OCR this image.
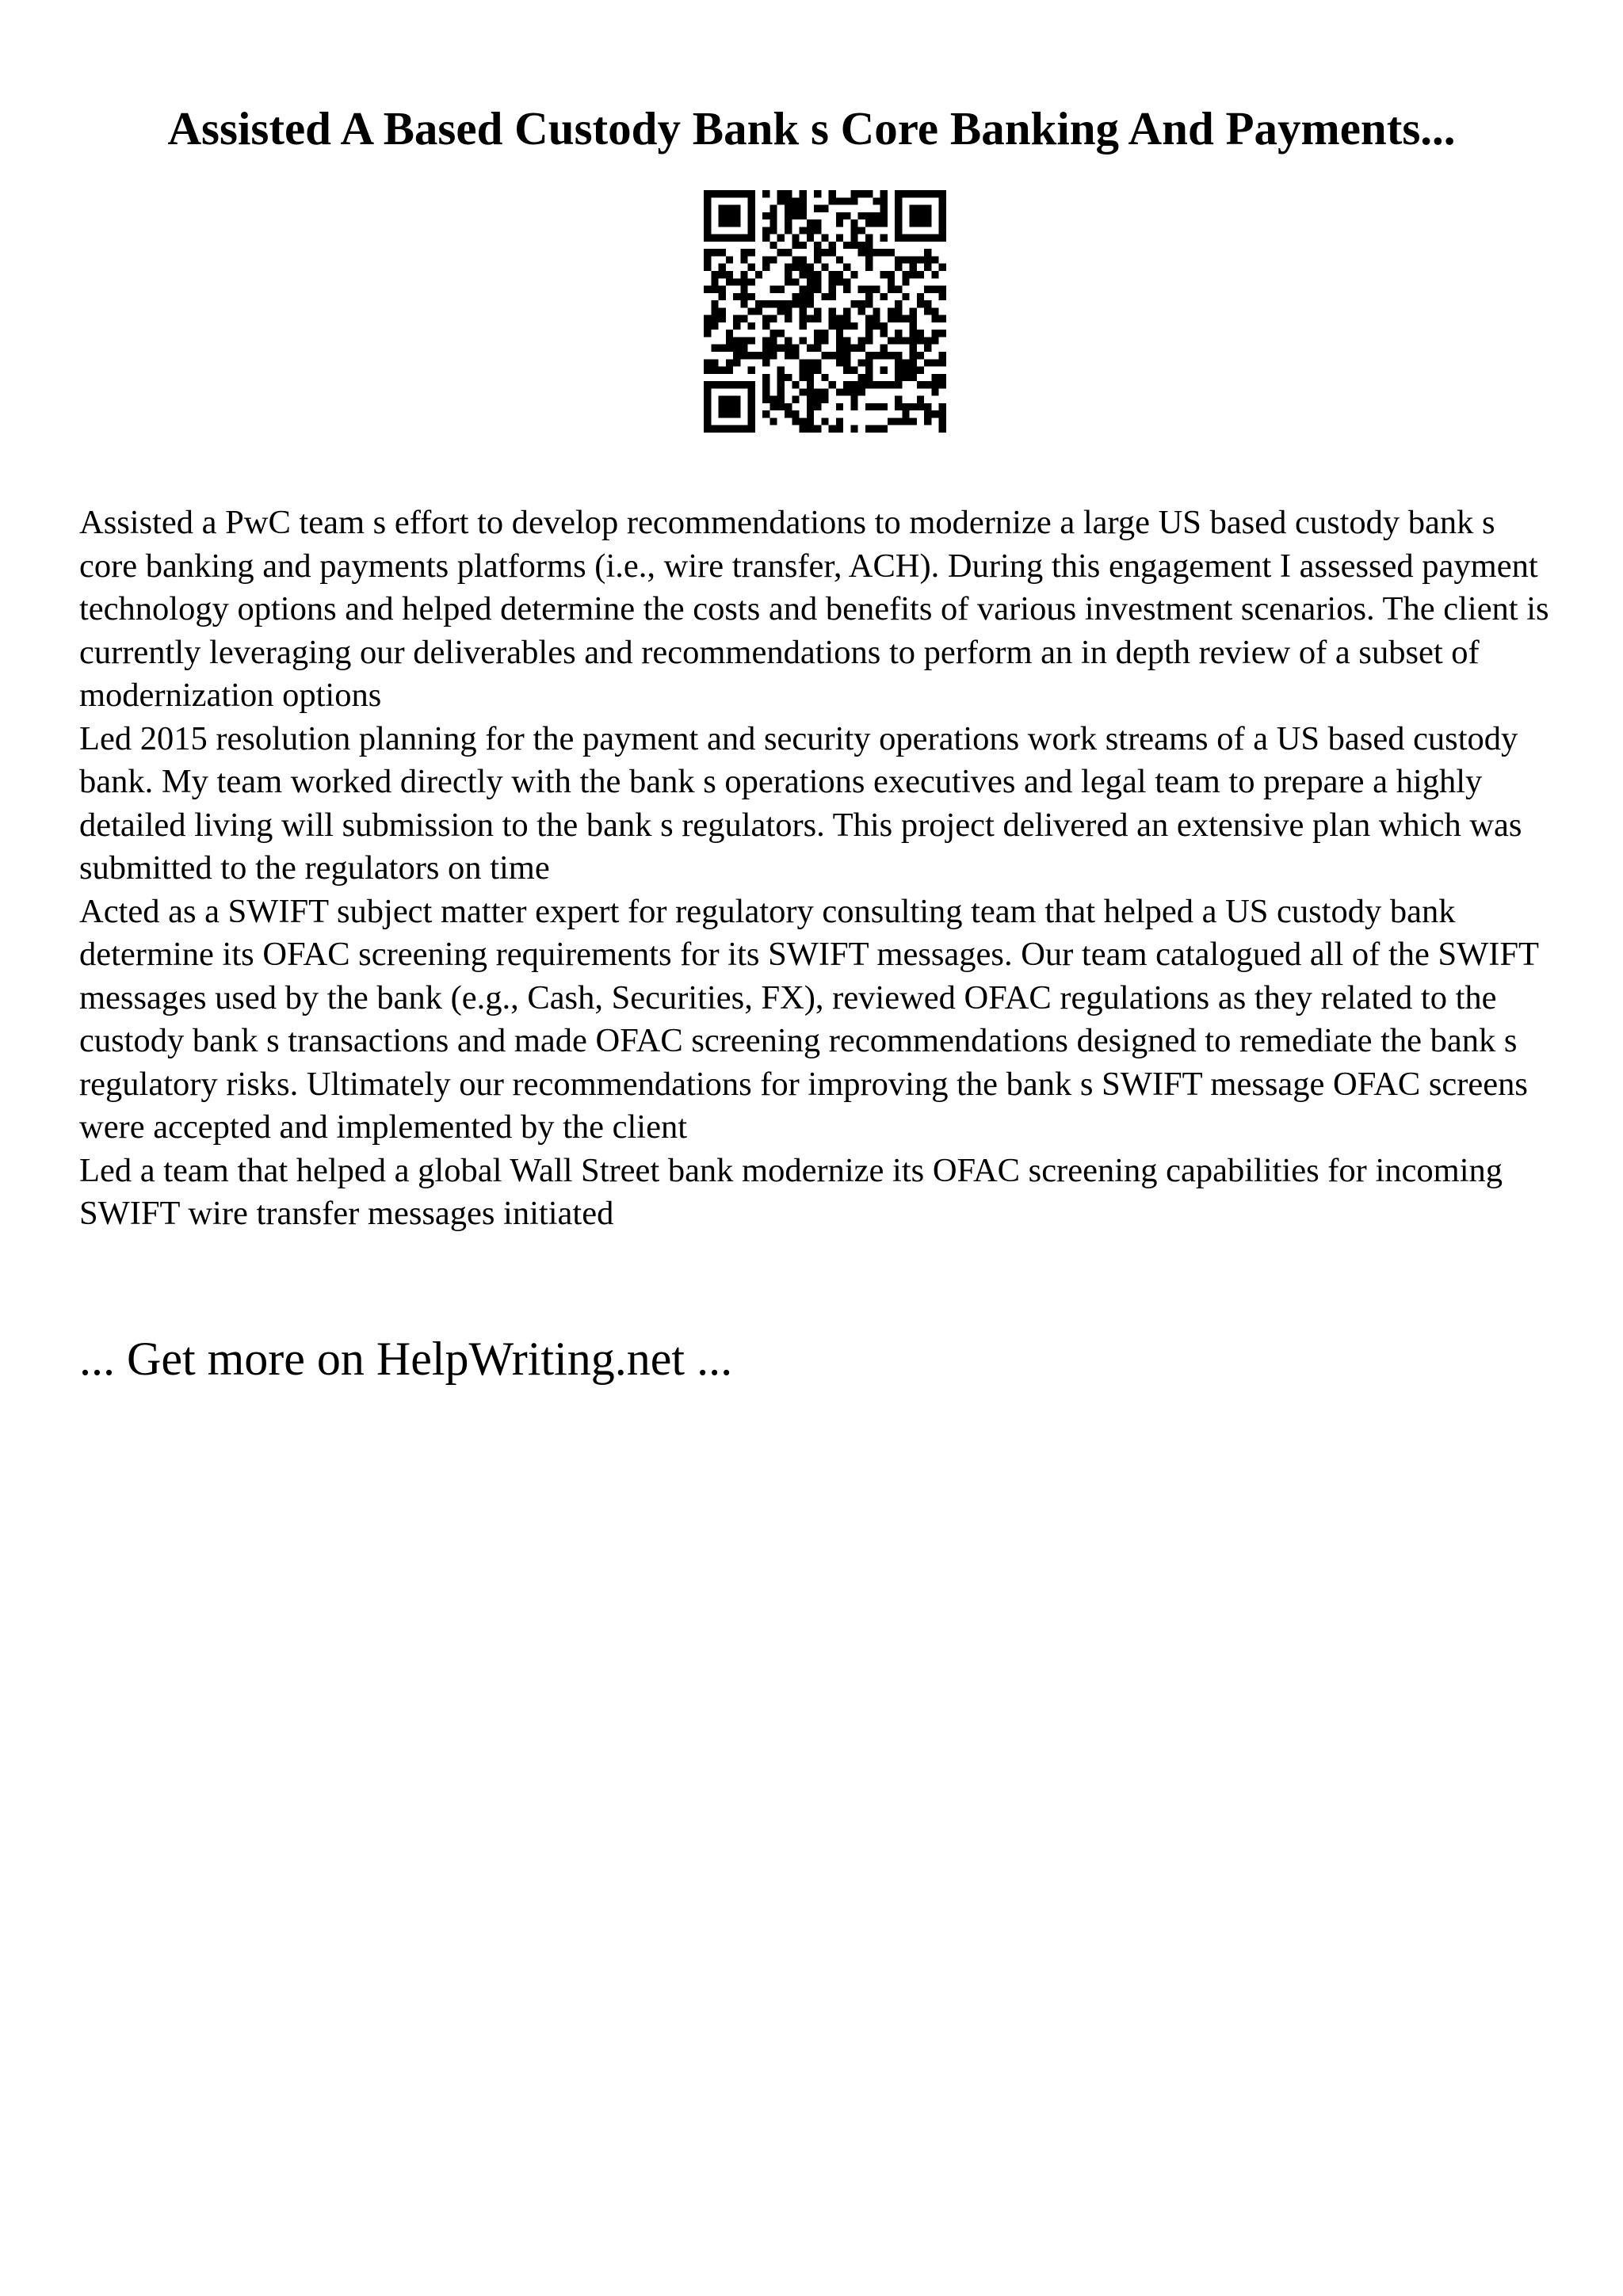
Assisted A Based Custody Bank s Core Banking And Payments...

Assisted a PwC team s effort to develop recommendations to modernize a large US based custody bank s core banking and payments platforms (i.e., wire transfer, ACH). During this engagement I assessed payment technology options and helped determine the costs and benefits of various investment scenarios. The client is currently leveraging our deliverables and recommendations to perform an in depth review of a subset of modernization options

Led 2015 resolution planning for the payment and security operations work streams of a US based custody bank. My team worked directly with the bank s operations executives and legal team to prepare a highly detailed living will submission to the bank s regulators. This project delivered an extensive plan which was submitted to the regulators on time

Acted as a SWIFT subject matter expert for regulatory consulting team that helped a US custody bank determine its OFAC screening requirements for its SWIFT messages. Our team catalogued all of the SWIFT messages used by the bank (e.g., Cash, Securities, FX), reviewed OFAC regulations as they related to the custody bank s transactions and made OFAC screening recommendations designed to remediate the bank s regulatory risks. Ultimately our recommendations for improving the bank s SWIFT message OFAC screens were accepted and implemented by the client

Led a team that helped a global Wall Street bank modernize its OFAC screening capabilities for incoming SWIFT wire transfer messages initiated

... Get more on HelpWriting.net ...
